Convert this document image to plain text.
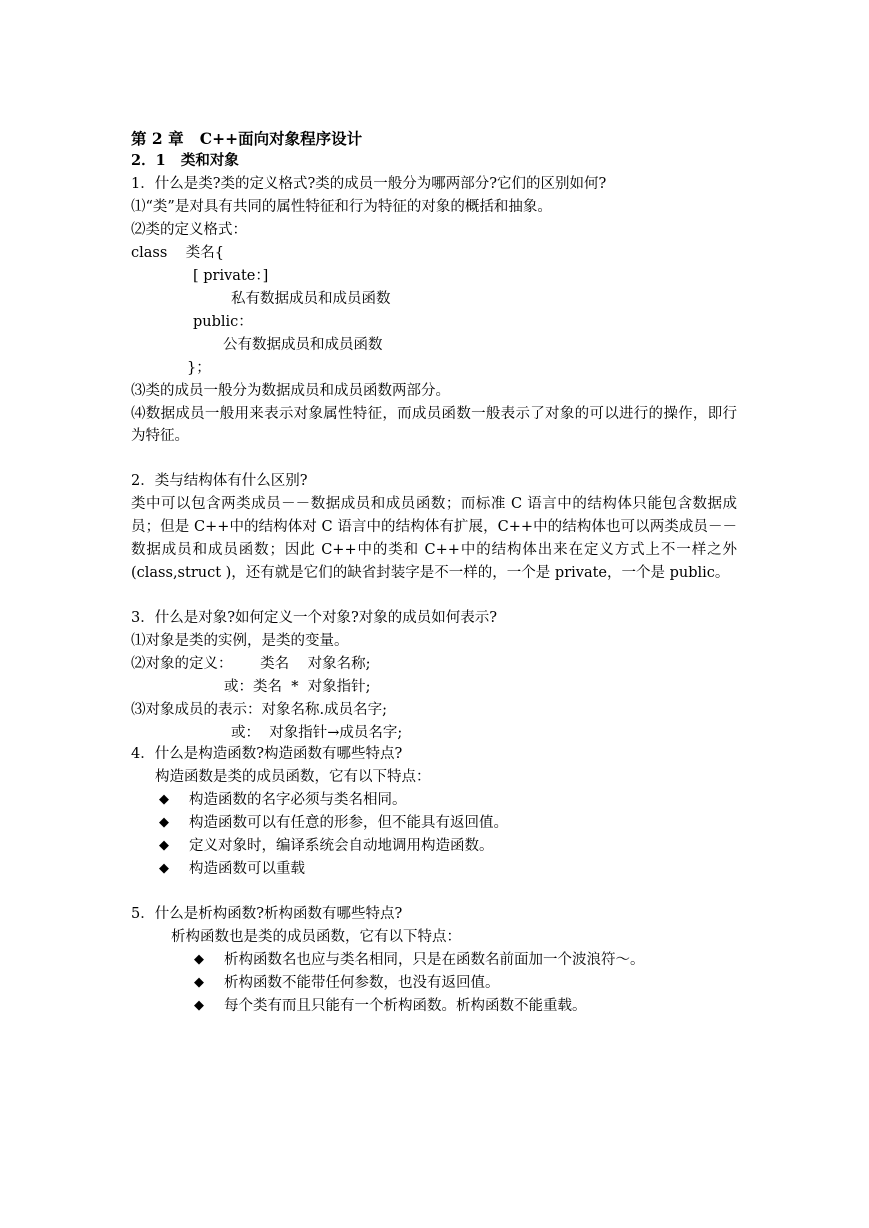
第 2 章   C++面向对象程序设计
2．1   类和对象
1．什么是类?类的定义格式?类的成员一般分为哪两部分?它们的区别如何?
⑴“类”是对具有共同的属性特征和行为特征的对象的概括和抽象。
⑵类的定义格式：
class    类名{
[ private：]
私有数据成员和成员函数
public：
公有数据成员和成员函数
}；
⑶类的成员一般分为数据成员和成员函数两部分。
⑷数据成员一般用来表示对象属性特征，而成员函数一般表示了对象的可以进行的操作，即行为特征。
2．类与结构体有什么区别?
类中可以包含两类成员－－数据成员和成员函数；而标准 C 语言中的结构体只能包含数据成员；但是 C++中的结构体对 C 语言中的结构体有扩展，C++中的结构体也可以两类成员－－数据成员和成员函数；因此 C++中的类和 C++中的结构体出来在定义方式上不一样之外(class,struct )，还有就是它们的缺省封装字是不一样的，一个是 private，一个是 public。
3．什么是对象?如何定义一个对象?对象的成员如何表示?
⑴对象是类的实例，是类的变量。
⑵对象的定义：      类名    对象名称;
或：类名  *  对象指针;
⑶对象成员的表示：对象名称.成员名字;
或：  对象指针→成员名字;
4．什么是构造函数?构造函数有哪些特点?
构造函数是类的成员函数，它有以下特点：
◆ 构造函数的名字必须与类名相同。
◆ 构造函数可以有任意的形参，但不能具有返回值。
◆ 定义对象时，编译系统会自动地调用构造函数。
◆ 构造函数可以重载
5．什么是析构函数?析构函数有哪些特点?
析构函数也是类的成员函数，它有以下特点：
◆ 析构函数名也应与类名相同，只是在函数名前面加一个波浪符～。
◆ 析构函数不能带任何参数，也没有返回值。
◆ 每个类有而且只能有一个析构函数。析构函数不能重载。
